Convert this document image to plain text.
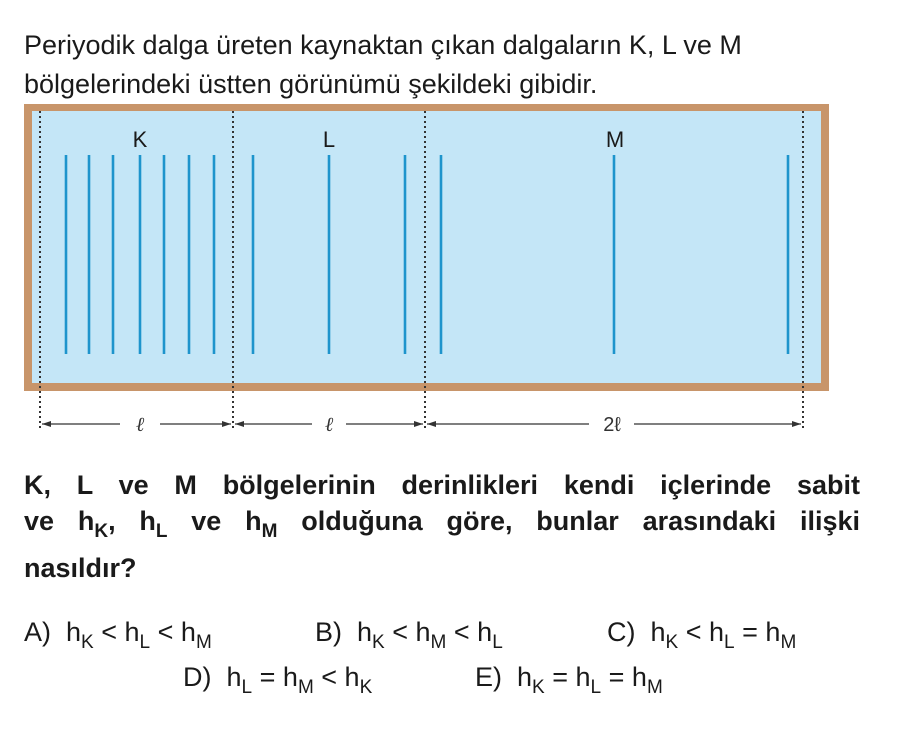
Periyodik dalga üreten kaynaktan çıkan dalgaların K, L ve M
bölgelerindeki üstten görünümü şekildeki gibidir.
K	L	M
ℓ	ℓ	2ℓ
K, L ve M bölgelerinin derinlikleri kendi içlerinde sabit
ve $h_K$, $h_L$ ve $h_M$ olduğuna göre, bunlar arasındaki ilişki
nasıldır?
A) $h_K < h_L < h_M$	B) $h_K < h_M < h_L$	C) $h_K < h_L = h_M$
D) $h_L = h_M < h_K$	E) $h_K = h_L = h_M$
